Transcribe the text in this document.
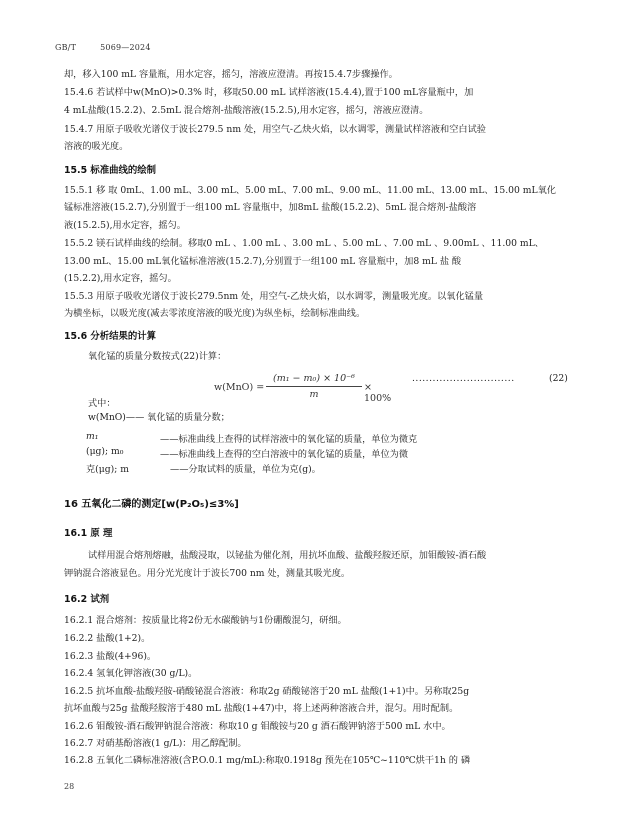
GB/T	5069—2024
却，移入100 mL 容量瓶，用水定容，摇匀，溶液应澄清。再按15.4.7步骤操作。
15.4.6 若试样中w(MnO)>0.3% 时，移取50.00 mL 试样溶液(15.4.4),置于100 mL容量瓶中，加
4 mL盐酸(15.2.2)、2.5mL 混合熔剂-盐酸溶液(15.2.5),用水定容，摇匀，溶液应澄清。
15.4.7 用原子吸收光谱仪于波长279.5 nm 处，用空气-乙炔火焰，以水调零，测量试样溶液和空白试验
溶液的吸光度。
15.5 标准曲线的绘制
15.5.1 移 取 0mL、1.00 mL、3.00 mL、5.00 mL、7.00 mL、9.00 mL、11.00 mL、13.00 mL、15.00 mL氧化
锰标准溶液(15.2.7),分别置于一组100 mL 容量瓶中，加8mL 盐酸(15.2.2)、5mL 混合熔剂-盐酸溶
液(15.2.5),用水定容，摇匀。
15.5.2 镁石试样曲线的绘制。移取0 mL 、1.00 mL 、3.00 mL 、5.00 mL 、7.00 mL 、9.00mL 、11.00 mL、
13.00 mL、15.00 mL氧化锰标准溶液(15.2.7),分别置于一组100 mL 容量瓶中，加8 mL 盐 酸
(15.2.2),用水定容，摇匀。
15.5.3 用原子吸收光谱仪于波长279.5nm 处，用空气-乙炔火焰，以水调零，测量吸光度。以氧化锰量
为横坐标，以吸光度(减去零浓度溶液的吸光度)为纵坐标，绘制标准曲线。
15.6 分析结果的计算
氧化锰的质量分数按式(22)计算：
$w(MnO) = \frac{\text{(m₁ − m₀) × 10⁻⁶}}{m} \times 100\%$
..............................	(22)
式中：
w(MnO)—— 氧化锰的质量分数；
m₁	——标准曲线上查得的试样溶液中的氧化锰的质量，单位为微克
(μg); m₀	——标准曲线上查得的空白溶液中的氧化锰的质量，单位为微
克(μg); m	——分取试料的质量，单位为克(g)。
16 五氧化二磷的测定[w(P₂O₅)≤3%]
16.1 原 理
试样用混合熔剂熔融，盐酸浸取，以铋盐为催化剂，用抗坏血酸、盐酸羟胺还原，加钼酸铵-酒石酸
钾钠混合溶液显色。用分光光度计于波长700 nm 处，测量其吸光度。
16.2 试剂
16.2.1 混合熔剂：按质量比将2份无水碳酸钠与1份硼酸混匀，研细。
16.2.2 盐酸(1+2)。
16.2.3 盐酸(4+96)。
16.2.4 氢氧化钾溶液(30 g/L)。
16.2.5 抗坏血酸-盐酸羟胺-硝酸铋混合溶液：称取2g 硝酸铋溶于20 mL 盐酸(1+1)中。另称取25g
抗坏血酸与25g 盐酸羟胺溶于480 mL 盐酸(1+47)中，将上述两种溶液合并，混匀。用时配制。
16.2.6 钼酸铵-酒石酸钾钠混合溶液：称取10 g 钼酸铵与20 g 酒石酸钾钠溶于500 mL 水中。
16.2.7 对硝基酚溶液(1 g/L)：用乙醇配制。
16.2.8 五氧化二磷标准溶液(含P.O.0.1 mg/mL):称取0.1918g 预先在105℃~110℃烘干1h 的 磷
28
